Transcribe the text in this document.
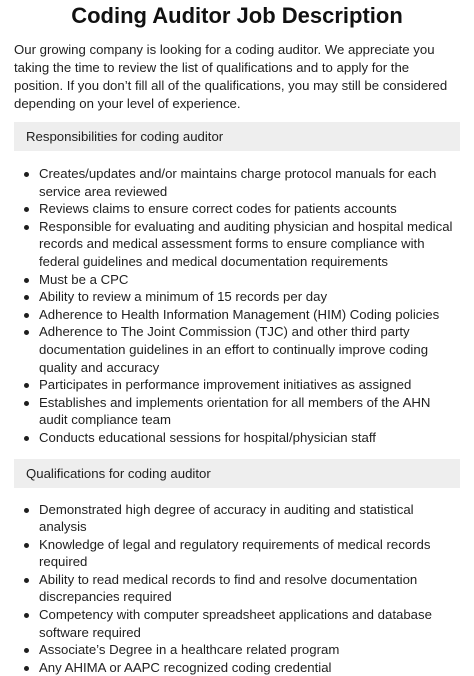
Coding Auditor Job Description

Our growing company is looking for a coding auditor. We appreciate you taking the time to review the list of qualifications and to apply for the position. If you don’t fill all of the qualifications, you may still be considered depending on your level of experience.

Responsibilities for coding auditor
Creates/updates and/or maintains charge protocol manuals for each service area reviewed
Reviews claims to ensure correct codes for patients accounts
Responsible for evaluating and auditing physician and hospital medical records and medical assessment forms to ensure compliance with federal guidelines and medical documentation requirements
Must be a CPC
Ability to review a minimum of 15 records per day
Adherence to Health Information Management (HIM) Coding policies
Adherence to The Joint Commission (TJC) and other third party documentation guidelines in an effort to continually improve coding quality and accuracy
Participates in performance improvement initiatives as assigned
Establishes and implements orientation for all members of the AHN audit compliance team
Conducts educational sessions for hospital/physician staff
Qualifications for coding auditor
Demonstrated high degree of accuracy in auditing and statistical analysis
Knowledge of legal and regulatory requirements of medical records required
Ability to read medical records to find and resolve documentation discrepancies required
Competency with computer spreadsheet applications and database software required
Associate’s Degree in a healthcare related program
Any AHIMA or AAPC recognized coding credential
